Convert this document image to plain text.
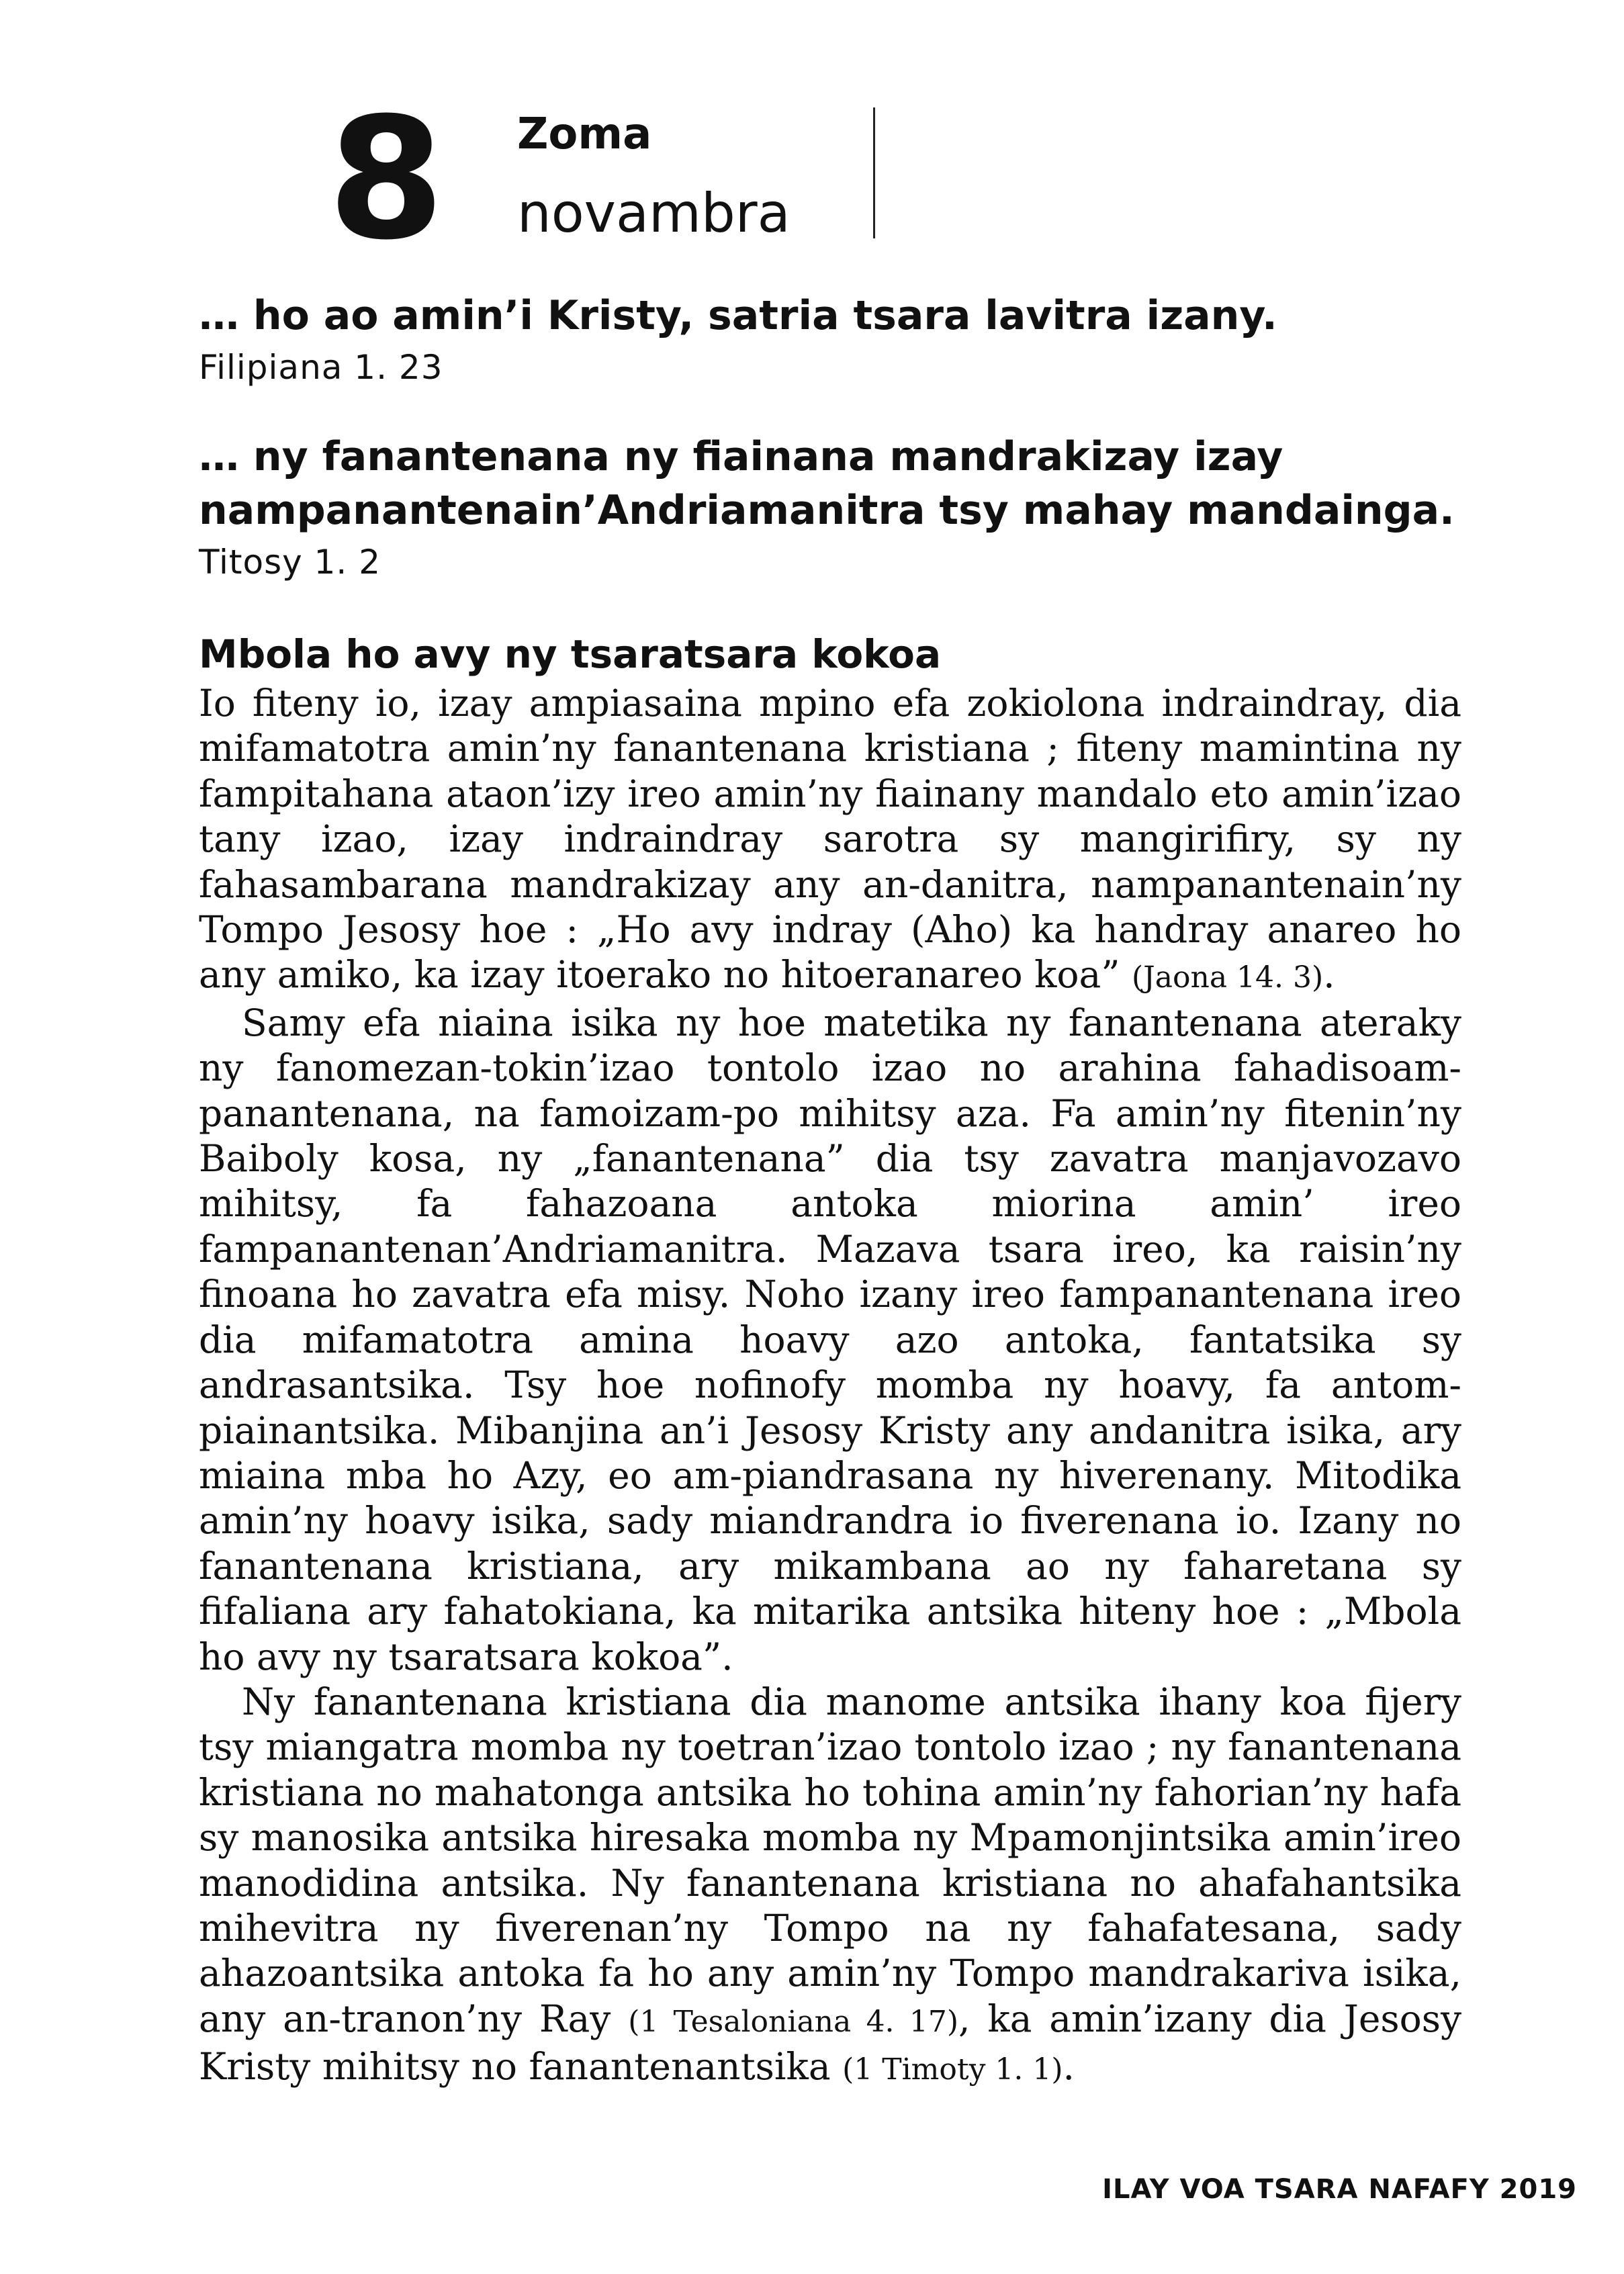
8 Zoma
novambra

… ho ao amin’i Kristy, satria tsara lavitra izany.

Filipiana 1. 23

… ny fanantenana ny fiainana mandrakizay izay nampanantenain’Andriamanitra tsy mahay mandainga.

Titosy 1. 2

Mbola ho avy ny tsaratsara kokoa

Io fiteny io, izay ampiasaina mpino efa zokiolona indraindray, dia mifamatotra amin’ny fanantenana kristiana ; fiteny mamintina ny fampitahana ataon’izy ireo amin’ny fiainany mandalo eto amin’izao tany izao, izay indraindray sarotra sy mangirifiry, sy ny fahasambarana mandrakizay any an-danitra, nampanantenain’ny Tompo Jesosy hoe : „Ho avy indray (Aho) ka handray anareo ho any amiko, ka izay itoerako no hitoeranareo koa” (Jaona 14. 3).

Samy efa niaina isika ny hoe matetika ny fanantenana ateraky ny fanomezan-tokin’izao tontolo izao no arahina fahadisoam-panantenana, na famoizam-po mihitsy aza. Fa amin’ny fitenin’ny Baiboly kosa, ny „fanantenana” dia tsy zavatra manjavozavo mihitsy, fa fahazoana antoka miorina amin’ ireo fampanantenan’Andriamanitra. Mazava tsara ireo, ka raisin’ny finoana ho zavatra efa misy. Noho izany ireo fampanantenana ireo dia mifamatotra amina hoavy azo antoka, fantatsika sy andrasantsika. Tsy hoe nofinofy momba ny hoavy, fa antom-piainantsika. Mibanjina an’i Jesosy Kristy any andanitra isika, ary miaina mba ho Azy, eo am-piandrasana ny hiverenany. Mitodika amin’ny hoavy isika, sady miandrandra io fiverenana io. Izany no fanantenana kristiana, ary mikambana ao ny faharetana sy fifaliana ary fahatokiana, ka mitarika antsika hiteny hoe : „Mbola ho avy ny tsaratsara kokoa”.

Ny fanantenana kristiana dia manome antsika ihany koa fijery tsy miangatra momba ny toetran’izao tontolo izao ; ny fanantenana kristiana no mahatonga antsika ho tohina amin’ny fahorian’ny hafa sy manosika antsika hiresaka momba ny Mpamonjintsika amin’ireo manodidina antsika. Ny fanantenana kristiana no ahafahantsika mihevitra ny fiverenan’ny Tompo na ny fahafatesana, sady ahazoantsika antoka fa ho any amin’ny Tompo mandrakariva isika, any an-tranon’ny Ray (1 Tesaloniana 4. 17), ka amin’izany dia Jesosy Kristy mihitsy no fanantenantsika (1 Timoty 1. 1).

ILAY VOA TSARA NAFAFY 2019
